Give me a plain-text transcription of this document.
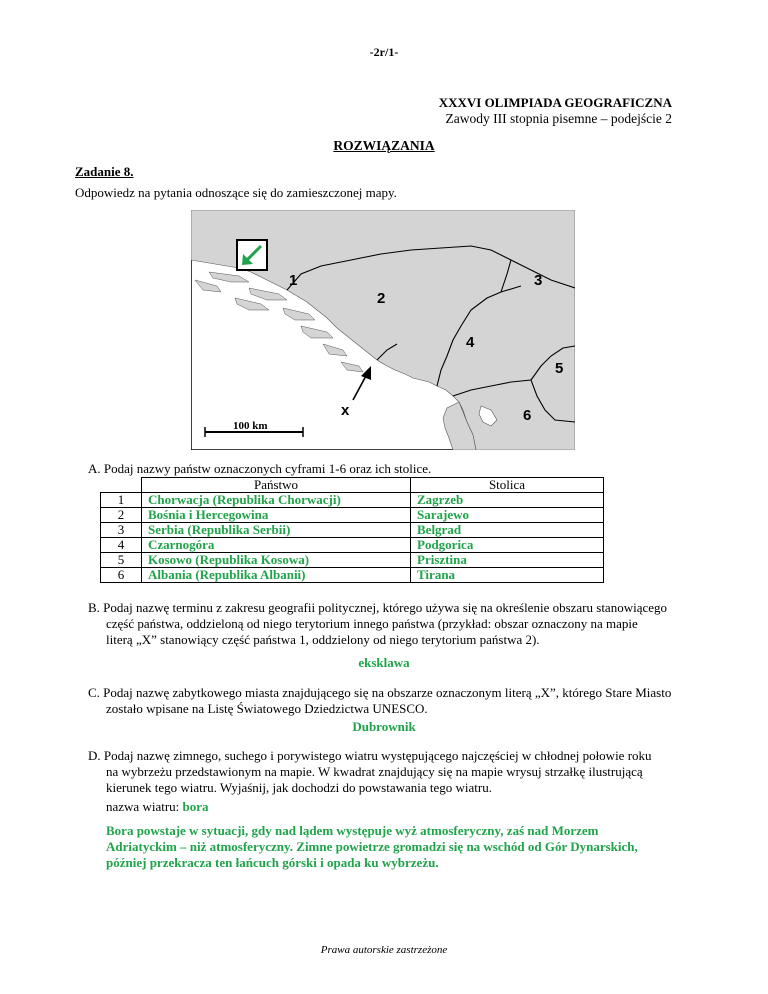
-2r/1-
XXXVI OLIMPIADA GEOGRAFICZNA
Zawody III stopnia pisemne – podejście 2
ROZWIĄZANIA
Zadanie 8.
Odpowiedz na pytania odnoszące się do zamieszczonej mapy.
1
2
3
4
5
6
x
100 km
A. Podaj nazwy państw oznaczonych cyframi 1-6 oraz ich stolice.
	Państwo	Stolica
1	Chorwacja (Republika Chorwacji)	Zagrzeb
2	Bośnia i Hercegowina	Sarajewo
3	Serbia (Republika Serbii)	Belgrad
4	Czarnogóra	Podgorica
5	Kosowo (Republika Kosowa)	Prisztina
6	Albania (Republika Albanii)	Tirana
B. Podaj nazwę terminu z zakresu geografii politycznej, którego używa się na określenie obszaru stanowiącego
część państwa, oddzieloną od niego terytorium innego państwa (przykład: obszar oznaczony na mapie
literą „X” stanowiący część państwa 1, oddzielony od niego terytorium państwa 2).
eksklawa
C. Podaj nazwę zabytkowego miasta znajdującego się na obszarze oznaczonym literą „X”, którego Stare Miasto
zostało wpisane na Listę Światowego Dziedzictwa UNESCO.
Dubrownik
D. Podaj nazwę zimnego, suchego i porywistego wiatru występującego najczęściej w chłodnej połowie roku
na wybrzeżu przedstawionym na mapie. W kwadrat znajdujący się na mapie wrysuj strzałkę ilustrującą
kierunek tego wiatru. Wyjaśnij, jak dochodzi do powstawania tego wiatru.
nazwa wiatru: bora
Bora powstaje w sytuacji, gdy nad lądem występuje wyż atmosferyczny, zaś nad Morzem
Adriatyckim – niż atmosferyczny. Zimne powietrze gromadzi się na wschód od Gór Dynarskich,
później przekracza ten łańcuch górski i opada ku wybrzeżu.
Prawa autorskie zastrzeżone
